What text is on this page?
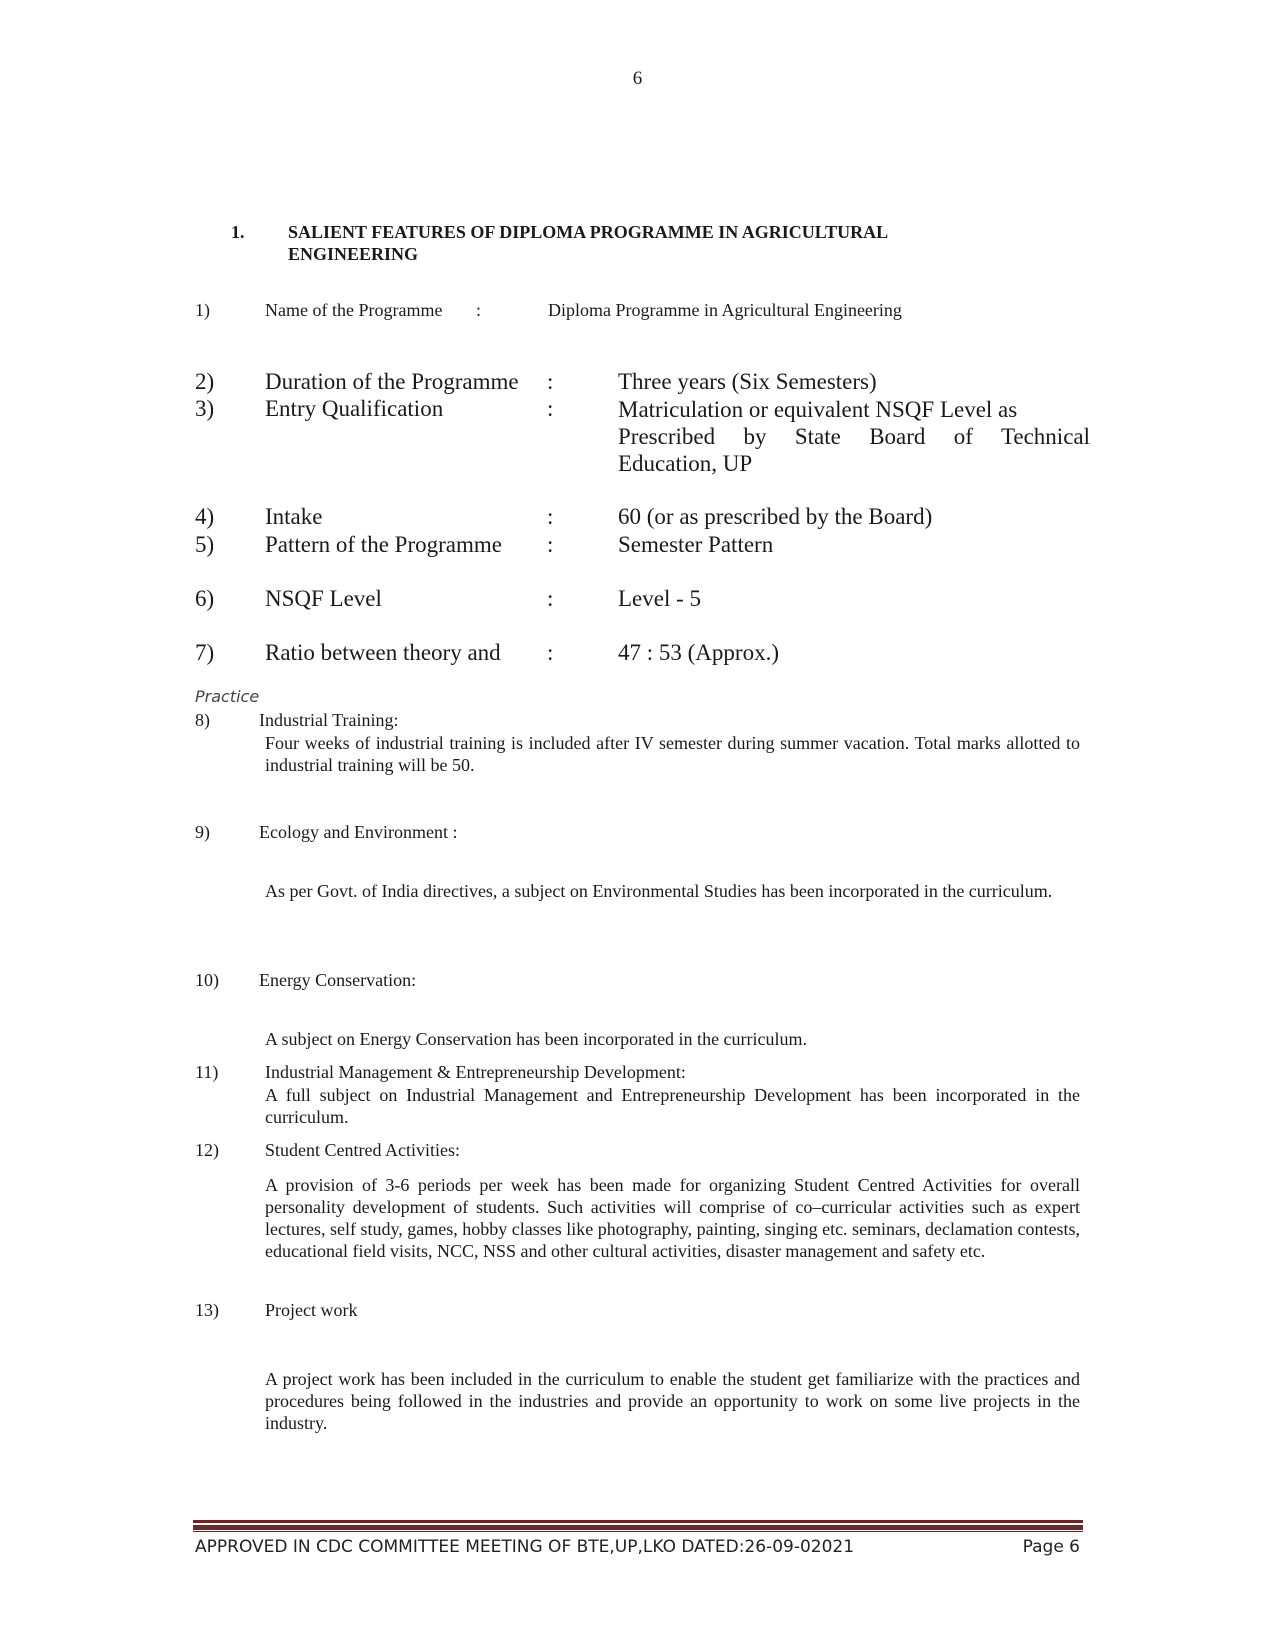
6
1. SALIENT FEATURES OF DIPLOMA PROGRAMME IN AGRICULTURAL
ENGINEERING
1)	Name of the Programme :	Diploma Programme in Agricultural Engineering
2) Duration of the Programme :	Three years (Six Semesters)
3) Entry Qualification	:	Matriculation or equivalent NSQF Level as
Prescribed by State Board of Technical
Education, UP
4) Intake	:	60 (or as prescribed by the Board)
5) Pattern of the Programme :	Semester Pattern
6) NSQF Level	:	Level - 5
7) Ratio between theory and :	47 : 53 (Approx.)
Practice
8)	Industrial Training:
Four weeks of industrial training is included after IV semester during summer vacation. Total marks allotted to industrial training will be 50.
9)	Ecology and Environment :
As per Govt. of India directives, a subject on Environmental Studies has been incorporated in the curriculum.
10) Energy Conservation:
A subject on Energy Conservation has been incorporated in the curriculum.
11)	Industrial Management & Entrepreneurship Development:
A full subject on Industrial Management and Entrepreneurship Development has been incorporated in the curriculum.
12)	Student Centred Activities:
A provision of 3-6 periods per week has been made for organizing Student Centred Activities for overall personality development of students. Such activities will comprise of co–curricular activities such as expert lectures, self study, games, hobby classes like photography, painting, singing etc. seminars, declamation contests, educational field visits, NCC, NSS and other cultural activities, disaster management and safety etc.
13)	Project work
A project work has been included in the curriculum to enable the student get familiarize with the practices and procedures being followed in the industries and provide an opportunity to work on some live projects in the industry.
APPROVED IN CDC COMMITTEE MEETING OF BTE,UP,LKO DATED:26-09-02021	Page 6
